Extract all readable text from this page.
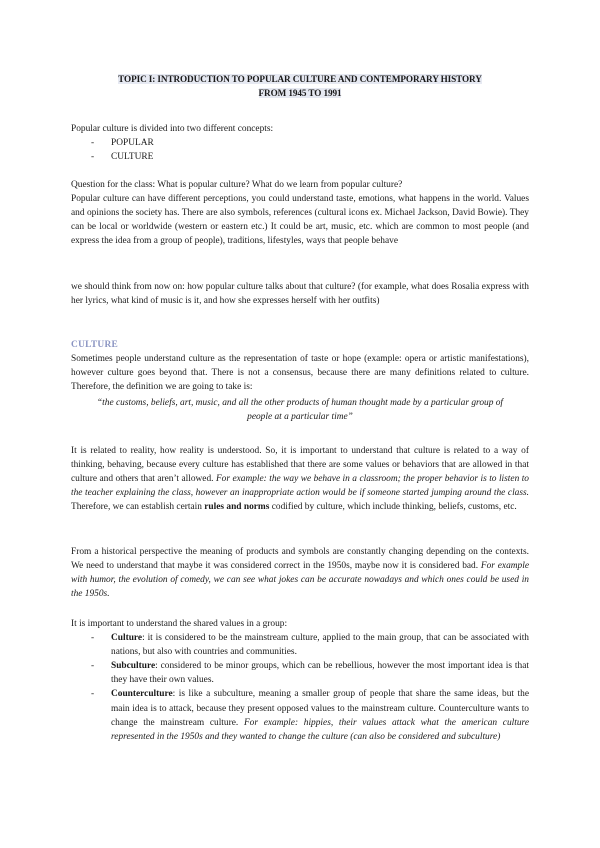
TOPIC I: INTRODUCTION TO POPULAR CULTURE AND CONTEMPORARY HISTORY
FROM 1945 TO 1991
Popular culture is divided into two different concepts:
- POPULAR
- CULTURE
Question for the class: What is popular culture? What do we learn from popular culture?
Popular culture can have different perceptions, you could understand taste, emotions, what happens in the world. Values and opinions the society has. There are also symbols, references (cultural icons ex. Michael Jackson, David Bowie). They can be local or worldwide (western or eastern etc.) It could be art, music, etc. which are common to most people (and express the idea from a group of people), traditions, lifestyles, ways that people behave
we should think from now on: how popular culture talks about that culture? (for example, what does Rosalia express with her lyrics, what kind of music is it, and how she expresses herself with her outfits)
CULTURE
Sometimes people understand culture as the representation of taste or hope (example: opera or artistic manifestations), however culture goes beyond that. There is not a consensus, because there are many definitions related to culture. Therefore, the definition we are going to take is:
“the customs, beliefs, art, music, and all the other products of human thought made by a particular group of people at a particular time”
It is related to reality, how reality is understood. So, it is important to understand that culture is related to a way of thinking, behaving, because every culture has established that there are some values or behaviors that are allowed in that culture and others that aren’t allowed. For example: the way we behave in a classroom; the proper behavior is to listen to the teacher explaining the class, however an inappropriate action would be if someone started jumping around the class. Therefore, we can establish certain rules and norms codified by culture, which include thinking, beliefs, customs, etc.
From a historical perspective the meaning of products and symbols are constantly changing depending on the contexts. We need to understand that maybe it was considered correct in the 1950s, maybe now it is considered bad. For example with humor, the evolution of comedy, we can see what jokes can be accurate nowadays and which ones could be used in the 1950s.
It is important to understand the shared values in a group:
- Culture: it is considered to be the mainstream culture, applied to the main group, that can be associated with nations, but also with countries and communities.
- Subculture: considered to be minor groups, which can be rebellious, however the most important idea is that they have their own values.
- Counterculture: is like a subculture, meaning a smaller group of people that share the same ideas, but the main idea is to attack, because they present opposed values to the mainstream culture. Counterculture wants to change the mainstream culture. For example: hippies, their values attack what the american culture represented in the 1950s and they wanted to change the culture (can also be considered and subculture)
